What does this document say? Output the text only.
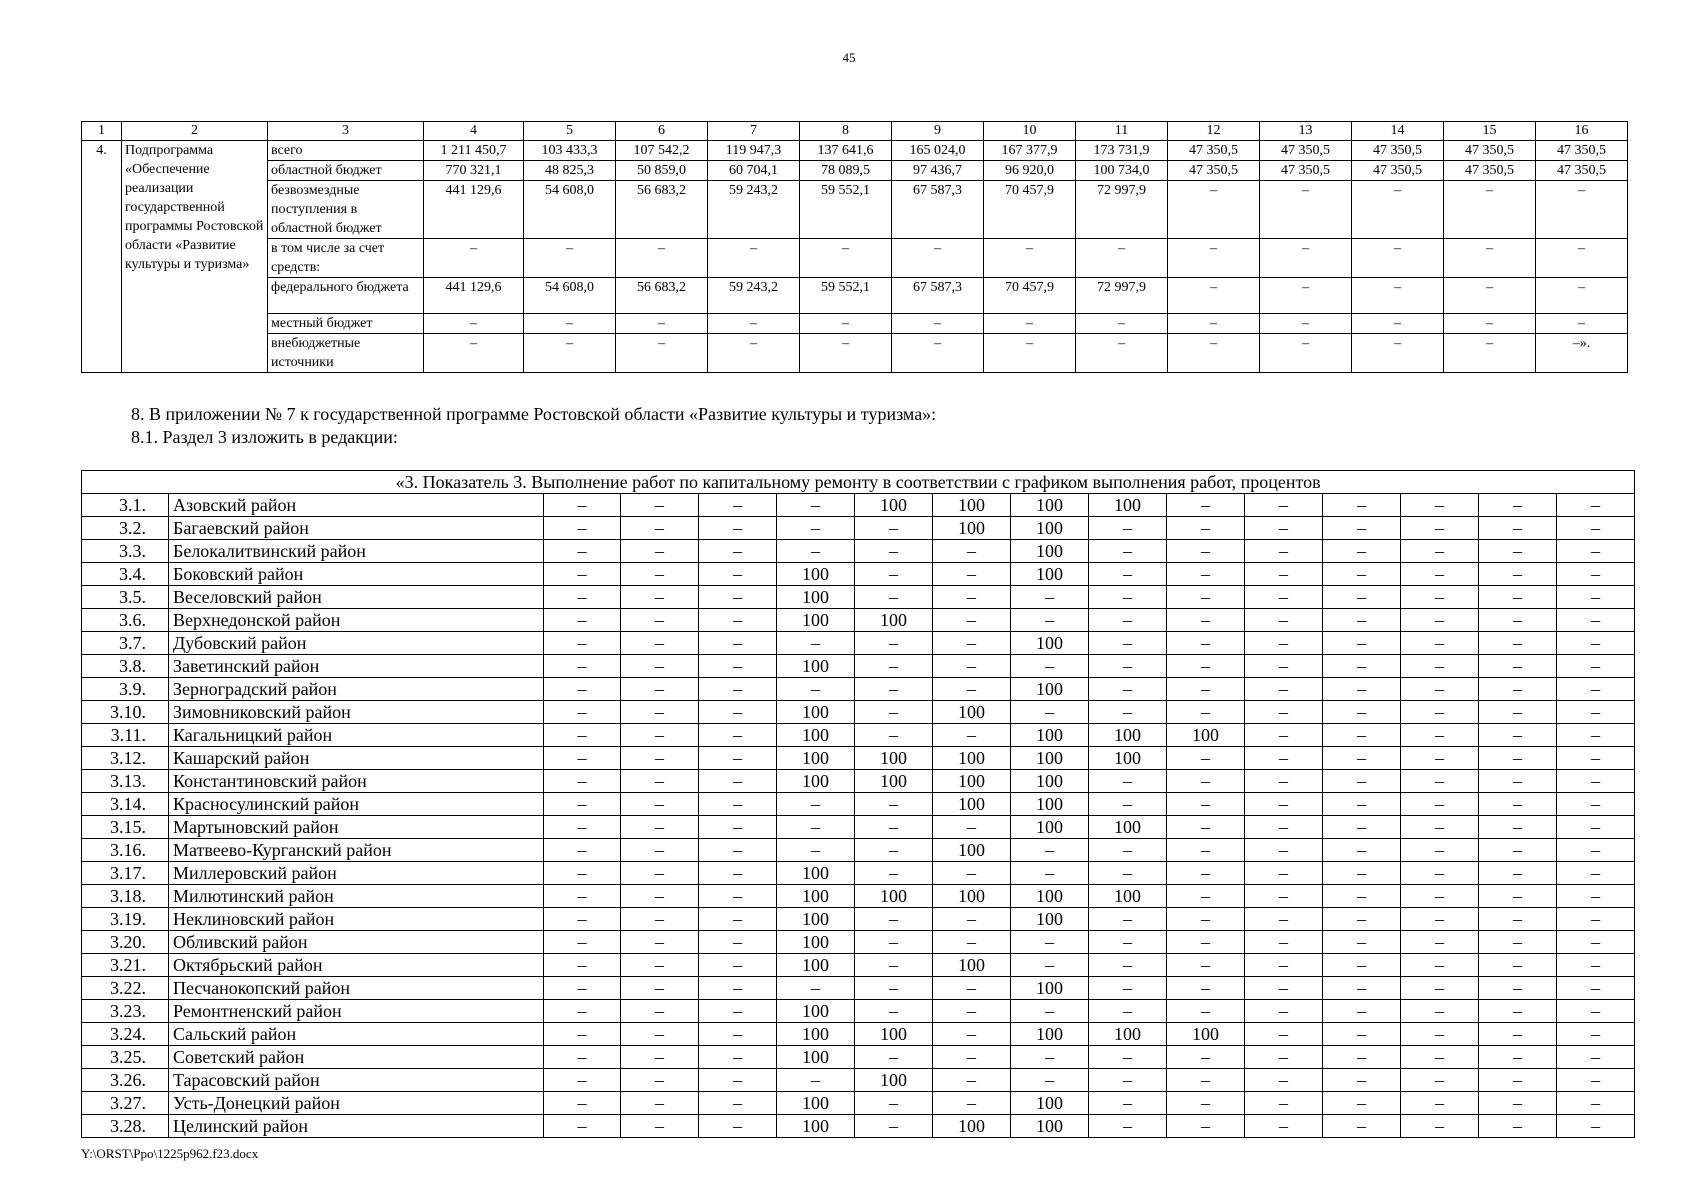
45
1	2	3	4	5	6	7	8	9	10	11	12	13	14	15	16
4.	Подпрограмма «Обеспечение реализации государственной программы Ростовской области «Развитие культуры и туризма»	всего	1 211 450,7	103 433,3	107 542,2	119 947,3	137 641,6	165 024,0	167 377,9	173 731,9	47 350,5	47 350,5	47 350,5	47 350,5	47 350,5
		областной бюджет	770 321,1	48 825,3	50 859,0	60 704,1	78 089,5	97 436,7	96 920,0	100 734,0	47 350,5	47 350,5	47 350,5	47 350,5	47 350,5
		безвозмездные поступления в областной бюджет	441 129,6	54 608,0	56 683,2	59 243,2	59 552,1	67 587,3	70 457,9	72 997,9	–	–	–	–	–
		в том числе за счет средств:	–	–	–	–	–	–	–	–	–	–	–	–	–
		федерального бюджета	441 129,6	54 608,0	56 683,2	59 243,2	59 552,1	67 587,3	70 457,9	72 997,9	–	–	–	–	–
		местный бюджет	–	–	–	–	–	–	–	–	–	–	–	–	–
		внебюджетные источники	–	–	–	–	–	–	–	–	–	–	–	–	–».
8. В приложении № 7 к государственной программе Ростовской области «Развитие культуры и туризма»:
8.1. Раздел 3 изложить в редакции:
«3. Показатель 3. Выполнение работ по капитальному ремонту в соответствии с графиком выполнения работ, процентов															
3.1.	Азовский район	–	–	–	–	100	100	100	100	–	–	–	–	–	–
3.2.	Багаевский район	–	–	–	–	–	100	100	–	–	–	–	–	–	–
3.3.	Белокалитвинский район	–	–	–	–	–	–	100	–	–	–	–	–	–	–
3.4.	Боковский район	–	–	–	100	–	–	100	–	–	–	–	–	–	–
3.5.	Веселовский район	–	–	–	100	–	–	–	–	–	–	–	–	–	–
3.6.	Верхнедонской район	–	–	–	100	100	–	–	–	–	–	–	–	–	–
3.7.	Дубовский район	–	–	–	–	–	–	100	–	–	–	–	–	–	–
3.8.	Заветинский район	–	–	–	100	–	–	–	–	–	–	–	–	–	–
3.9.	Зерноградский район	–	–	–	–	–	–	100	–	–	–	–	–	–	–
3.10.	Зимовниковский район	–	–	–	100	–	100	–	–	–	–	–	–	–	–
3.11.	Кагальницкий район	–	–	–	100	–	–	100	100	100	–	–	–	–	–
3.12.	Кашарский район	–	–	–	100	100	100	100	100	–	–	–	–	–	–
3.13.	Константиновский район	–	–	–	100	100	100	100	–	–	–	–	–	–	–
3.14.	Красносулинский район	–	–	–	–	–	100	100	–	–	–	–	–	–	–
3.15.	Мартыновский район	–	–	–	–	–	–	100	100	–	–	–	–	–	–
3.16.	Матвеево-Курганский район	–	–	–	–	–	100	–	–	–	–	–	–	–	–
3.17.	Миллеровский район	–	–	–	100	–	–	–	–	–	–	–	–	–	–
3.18.	Милютинский район	–	–	–	100	100	100	100	100	–	–	–	–	–	–
3.19.	Неклиновский район	–	–	–	100	–	–	100	–	–	–	–	–	–	–
3.20.	Обливский район	–	–	–	100	–	–	–	–	–	–	–	–	–	–
3.21.	Октябрьский район	–	–	–	100	–	100	–	–	–	–	–	–	–	–
3.22.	Песчанокопский район	–	–	–	–	–	–	100	–	–	–	–	–	–	–
3.23.	Ремонтненский район	–	–	–	100	–	–	–	–	–	–	–	–	–	–
3.24.	Сальский район	–	–	–	100	100	–	100	100	100	–	–	–	–	–
3.25.	Советский район	–	–	–	100	–	–	–	–	–	–	–	–	–	–
3.26.	Тарасовский район	–	–	–	–	100	–	–	–	–	–	–	–	–	–
3.27.	Усть-Донецкий район	–	–	–	100	–	–	100	–	–	–	–	–	–	–
3.28.	Целинский район	–	–	–	100	–	100	100	–	–	–	–	–	–	–
Y:\ORST\Ppo\1225p962.f23.docx
